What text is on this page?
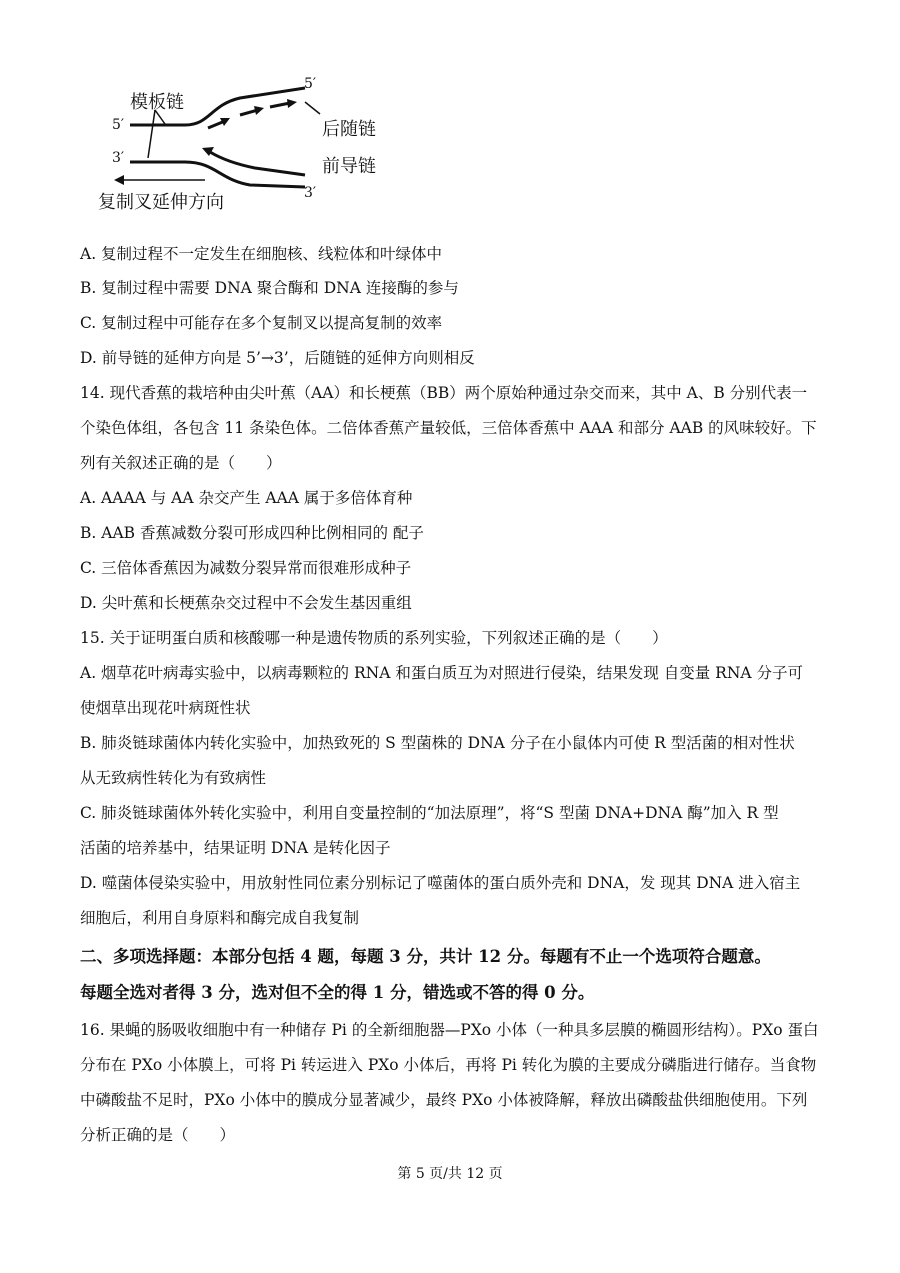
模板链
后随链
前导链
复制叉延伸方向
5′
5′
3′
3′
A. 复制过程不一定发生在细胞核、线粒体和叶绿体中
B. 复制过程中需要 DNA 聚合酶和 DNA 连接酶的参与
C. 复制过程中可能存在多个复制叉以提高复制的效率
D. 前导链的延伸方向是 5’→3’，后随链的延伸方向则相反
14. 现代香蕉的栽培种由尖叶蕉（AA）和长梗蕉（BB）两个原始种通过杂交而来，其中 A、B 分别代表一
个染色体组，各包含 11 条染色体。二倍体香蕉产量较低，三倍体香蕉中 AAA 和部分 AAB 的风味较好。下
列有关叙述正确的是（　　）
A. AAAA 与 AA 杂交产生 AAA 属于多倍体育种
B. AAB 香蕉减数分裂可形成四种比例相同的 配子
C. 三倍体香蕉因为减数分裂异常而很难形成种子
D. 尖叶蕉和长梗蕉杂交过程中不会发生基因重组
15. 关于证明蛋白质和核酸哪一种是遗传物质的系列实验，下列叙述正确的是（　　）
A. 烟草花叶病毒实验中，以病毒颗粒的 RNA 和蛋白质互为对照进行侵染，结果发现 自变量 RNA 分子可
使烟草出现花叶病斑性状
B. 肺炎链球菌体内转化实验中，加热致死的 S 型菌株的 DNA 分子在小鼠体内可使 R 型活菌的相对性状
从无致病性转化为有致病性
C. 肺炎链球菌体外转化实验中，利用自变量控制的“加法原理”，将“S 型菌 DNA+DNA 酶”加入 R 型
活菌的培养基中，结果证明 DNA 是转化因子
D. 噬菌体侵染实验中，用放射性同位素分别标记了噬菌体的蛋白质外壳和 DNA，发 现其 DNA 进入宿主
细胞后，利用自身原料和酶完成自我复制
二、多项选择题：本部分包括 4 题，每题 3 分，共计 12 分。每题有不止一个选项符合题意。
每题全选对者得 3 分，选对但不全的得 1 分，错选或不答的得 0 分。
16. 果蝇的肠吸收细胞中有一种储存 Pi 的全新细胞器—PXo 小体（一种具多层膜的椭圆形结构）。PXo 蛋白
分布在 PXo 小体膜上，可将 Pi 转运进入 PXo 小体后，再将 Pi 转化为膜的主要成分磷脂进行储存。当食物
中磷酸盐不足时，PXo 小体中的膜成分显著减少，最终 PXo 小体被降解，释放出磷酸盐供细胞使用。下列
分析正确的是（　　）
第 5 页/共 12 页
